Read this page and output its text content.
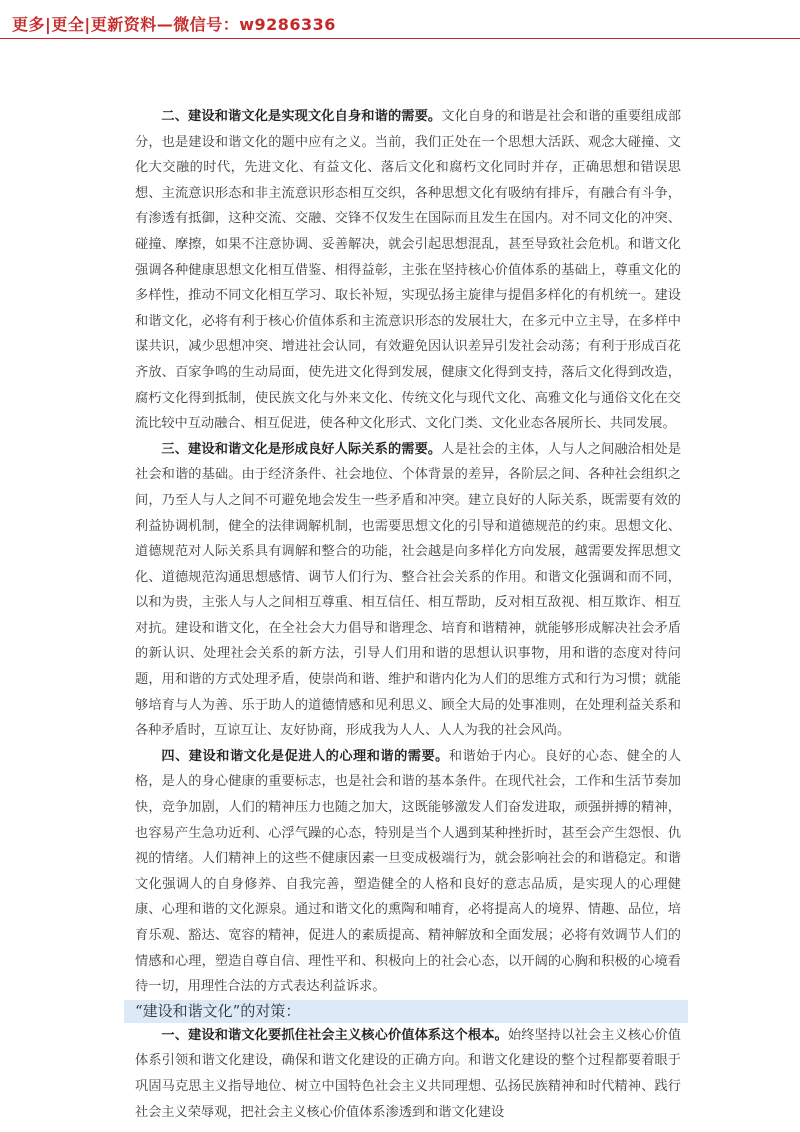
更多|更全|更新资料—微信号：w9286336

二、建设和谐文化是实现文化自身和谐的需要。文化自身的和谐是社会和谐的重要组成部分，也是建设和谐文化的题中应有之义。当前，我们正处在一个思想大活跃、观念大碰撞、文化大交融的时代，先进文化、有益文化、落后文化和腐朽文化同时并存，正确思想和错误思想、主流意识形态和非主流意识形态相互交织，各种思想文化有吸纳有排斥，有融合有斗争，有渗透有抵御，这种交流、交融、交锋不仅发生在国际而且发生在国内。对不同文化的冲突、碰撞、摩擦，如果不注意协调、妥善解决，就会引起思想混乱，甚至导致社会危机。和谐文化强调各种健康思想文化相互借鉴、相得益彰，主张在坚持核心价值体系的基础上，尊重文化的多样性，推动不同文化相互学习、取长补短，实现弘扬主旋律与提倡多样化的有机统一。建设和谐文化，必将有利于核心价值体系和主流意识形态的发展壮大，在多元中立主导，在多样中谋共识，减少思想冲突、增进社会认同，有效避免因认识差异引发社会动荡；有利于形成百花齐放、百家争鸣的生动局面，使先进文化得到发展，健康文化得到支持，落后文化得到改造，腐朽文化得到抵制，使民族文化与外来文化、传统文化与现代文化、高雅文化与通俗文化在交流比较中互动融合、相互促进，使各种文化形式、文化门类、文化业态各展所长、共同发展。

三、建设和谐文化是形成良好人际关系的需要。人是社会的主体，人与人之间融洽相处是社会和谐的基础。由于经济条件、社会地位、个体背景的差异，各阶层之间、各种社会组织之间，乃至人与人之间不可避免地会发生一些矛盾和冲突。建立良好的人际关系，既需要有效的利益协调机制，健全的法律调解机制，也需要思想文化的引导和道德规范的约束。思想文化、道德规范对人际关系具有调解和整合的功能，社会越是向多样化方向发展，越需要发挥思想文化、道德规范沟通思想感情、调节人们行为、整合社会关系的作用。和谐文化强调和而不同，以和为贵，主张人与人之间相互尊重、相互信任、相互帮助，反对相互敌视、相互欺诈、相互对抗。建设和谐文化，在全社会大力倡导和谐理念、培育和谐精神，就能够形成解决社会矛盾的新认识、处理社会关系的新方法，引导人们用和谐的思想认识事物，用和谐的态度对待问题，用和谐的方式处理矛盾，使崇尚和谐、维护和谐内化为人们的思维方式和行为习惯；就能够培育与人为善、乐于助人的道德情感和见利思义、顾全大局的处事准则，在处理利益关系和各种矛盾时，互谅互让、友好协商，形成我为人人、人人为我的社会风尚。

四、建设和谐文化是促进人的心理和谐的需要。和谐始于内心。良好的心态、健全的人格，是人的身心健康的重要标志，也是社会和谐的基本条件。在现代社会，工作和生活节奏加快，竞争加剧，人们的精神压力也随之加大，这既能够激发人们奋发进取，顽强拼搏的精神，也容易产生急功近利、心浮气躁的心态，特别是当个人遇到某种挫折时，甚至会产生怨恨、仇视的情绪。人们精神上的这些不健康因素一旦变成极端行为，就会影响社会的和谐稳定。和谐文化强调人的自身修养、自我完善，塑造健全的人格和良好的意志品质，是实现人的心理健康、心理和谐的文化源泉。通过和谐文化的熏陶和哺育，必将提高人的境界、情趣、品位，培育乐观、豁达、宽容的精神，促进人的素质提高、精神解放和全面发展；必将有效调节人们的情感和心理，塑造自尊自信、理性平和、积极向上的社会心态，以开阔的心胸和积极的心境看待一切，用理性合法的方式表达利益诉求。

“建设和谐文化”的对策：

一、建设和谐文化要抓住社会主义核心价值体系这个根本。始终坚持以社会主义核心价值体系引领和谐文化建设，确保和谐文化建设的正确方向。和谐文化建设的整个过程都要着眼于巩固马克思主义指导地位、树立中国特色社会主义共同理想、弘扬民族精神和时代精神、践行社会主义荣辱观，把社会主义核心价值体系渗透到和谐文化建设
